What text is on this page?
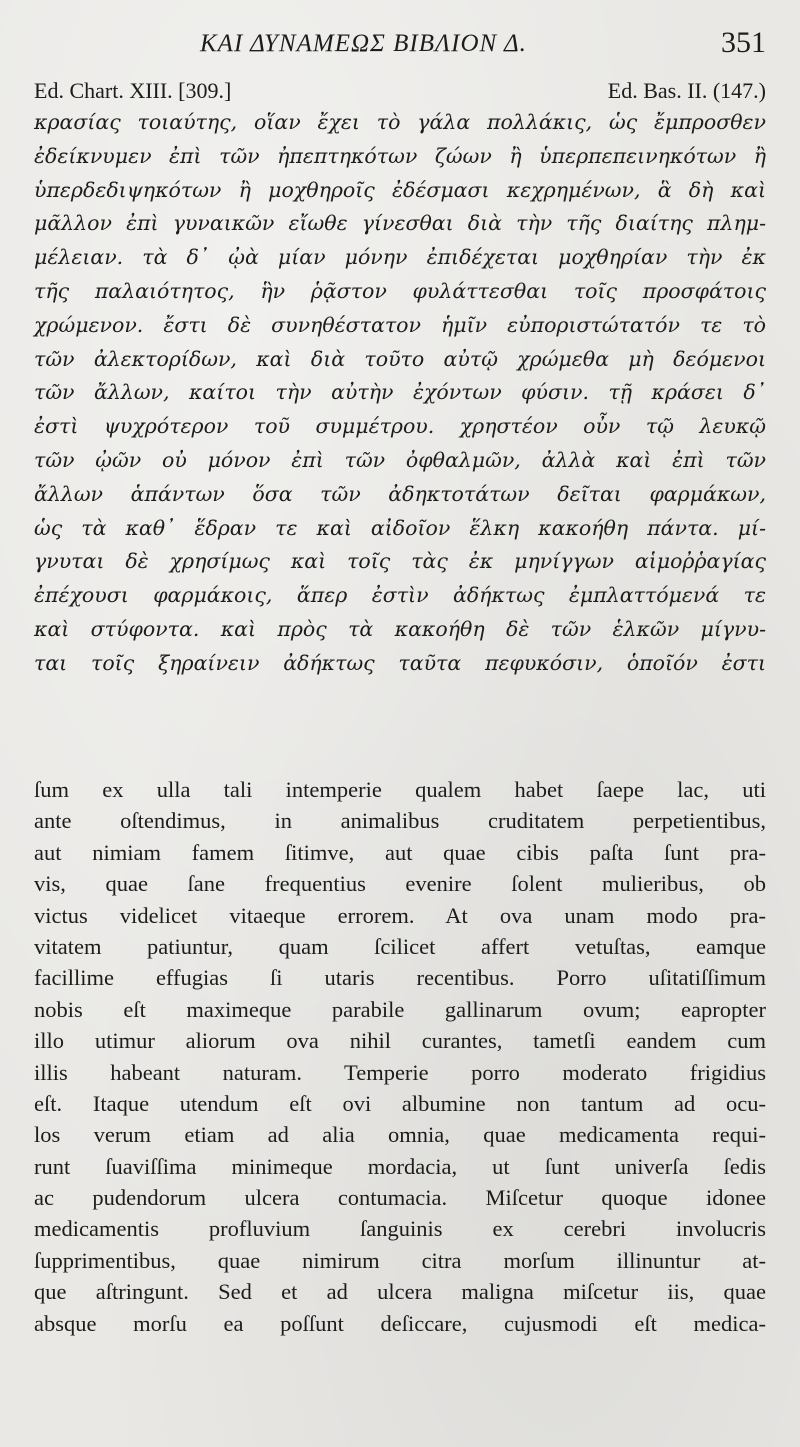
ΚΑΙ ΔΥΝΑΜΕΩΣ ΒΙΒΛΙΟΝ Δ.	351
Ed. Chart. XIII. [309.]	Ed. Bas. II. (147.)
κρασίας τοιαύτης, οἵαν ἔχει τὸ γάλα πολλάκις, ὡς ἔμπροσθεν
ἐδείκνυμεν ἐπὶ τῶν ἠπεπτηκότων ζώων ἢ ὑπερπεπεινηκότων ἢ
ὑπερδεδιψηκότων ἢ μοχθηροῖς ἐδέσμασι κεχρημένων, ἃ δὴ καὶ
μᾶλλον ἐπὶ γυναικῶν εἴωθε γίνεσθαι διὰ τὴν τῆς διαίτης πλημ-
μέλειαν. τὰ δ᾽ ᾠὰ μίαν μόνην ἐπιδέχεται μοχθηρίαν τὴν ἐκ
τῆς παλαιότητος, ἣν ῥᾷστον φυλάττεσθαι τοῖς προσφάτοις
χρώμενον. ἔστι δὲ συνηθέστατον ἡμῖν εὐποριστώτατόν τε τὸ
τῶν ἀλεκτορίδων, καὶ διὰ τοῦτο αὐτῷ χρώμεθα μὴ δεόμενοι
τῶν ἄλλων, καίτοι τὴν αὐτὴν ἐχόντων φύσιν. τῇ κράσει δ᾽
ἐστὶ ψυχρότερον τοῦ συμμέτρου. χρηστέον οὖν τῷ λευκῷ
τῶν ᾠῶν οὐ μόνον ἐπὶ τῶν ὀφθαλμῶν, ἀλλὰ καὶ ἐπὶ τῶν
ἄλλων ἁπάντων ὅσα τῶν ἀδηκτοτάτων δεῖται φαρμάκων,
ὡς τὰ καθ᾽ ἕδραν τε καὶ αἰδοῖον ἕλκη κακοήθη πάντα. μί-
γνυται δὲ χρησίμως καὶ τοῖς τὰς ἐκ μηνίγγων αἱμοῤῥαγίας
ἐπέχουσι φαρμάκοις, ἅπερ ἐστὶν ἀδήκτως ἐμπλαττόμενά τε
καὶ στύφοντα. καὶ πρὸς τὰ κακοήθη δὲ τῶν ἑλκῶν μίγνυ-
ται τοῖς ξηραίνειν ἀδήκτως ταῦτα πεφυκόσιν, ὁποῖόν ἐστι
ſum ex ulla tali intemperie qualem habet ſaepe lac, uti
ante oſtendimus, in animalibus cruditatem perpetientibus,
aut nimiam famem ſitimve, aut quae cibis paſta ſunt pra-
vis, quae ſane frequentius evenire ſolent mulieribus, ob
victus videlicet vitaeque errorem. At ova unam modo pra-
vitatem patiuntur, quam ſcilicet affert vetuſtas, eamque
facillime effugias ſi utaris recentibus. Porro uſitatiſſimum
nobis eſt maximeque parabile gallinarum ovum; eapropter
illo utimur aliorum ova nihil curantes, tametſi eandem cum
illis habeant naturam. Temperie porro moderato frigidius
eſt. Itaque utendum eſt ovi albumine non tantum ad ocu-
los verum etiam ad alia omnia, quae medicamenta requi-
runt ſuaviſſima minimeque mordacia, ut ſunt univerſa ſedis
ac pudendorum ulcera contumacia. Miſcetur quoque idonee
medicamentis profluvium ſanguinis ex cerebri involucris
ſupprimentibus, quae nimirum citra morſum illinuntur at-
que aſtringunt. Sed et ad ulcera maligna miſcetur iis, quae
absque morſu ea poſſunt deſiccare, cujusmodi eſt medica-
